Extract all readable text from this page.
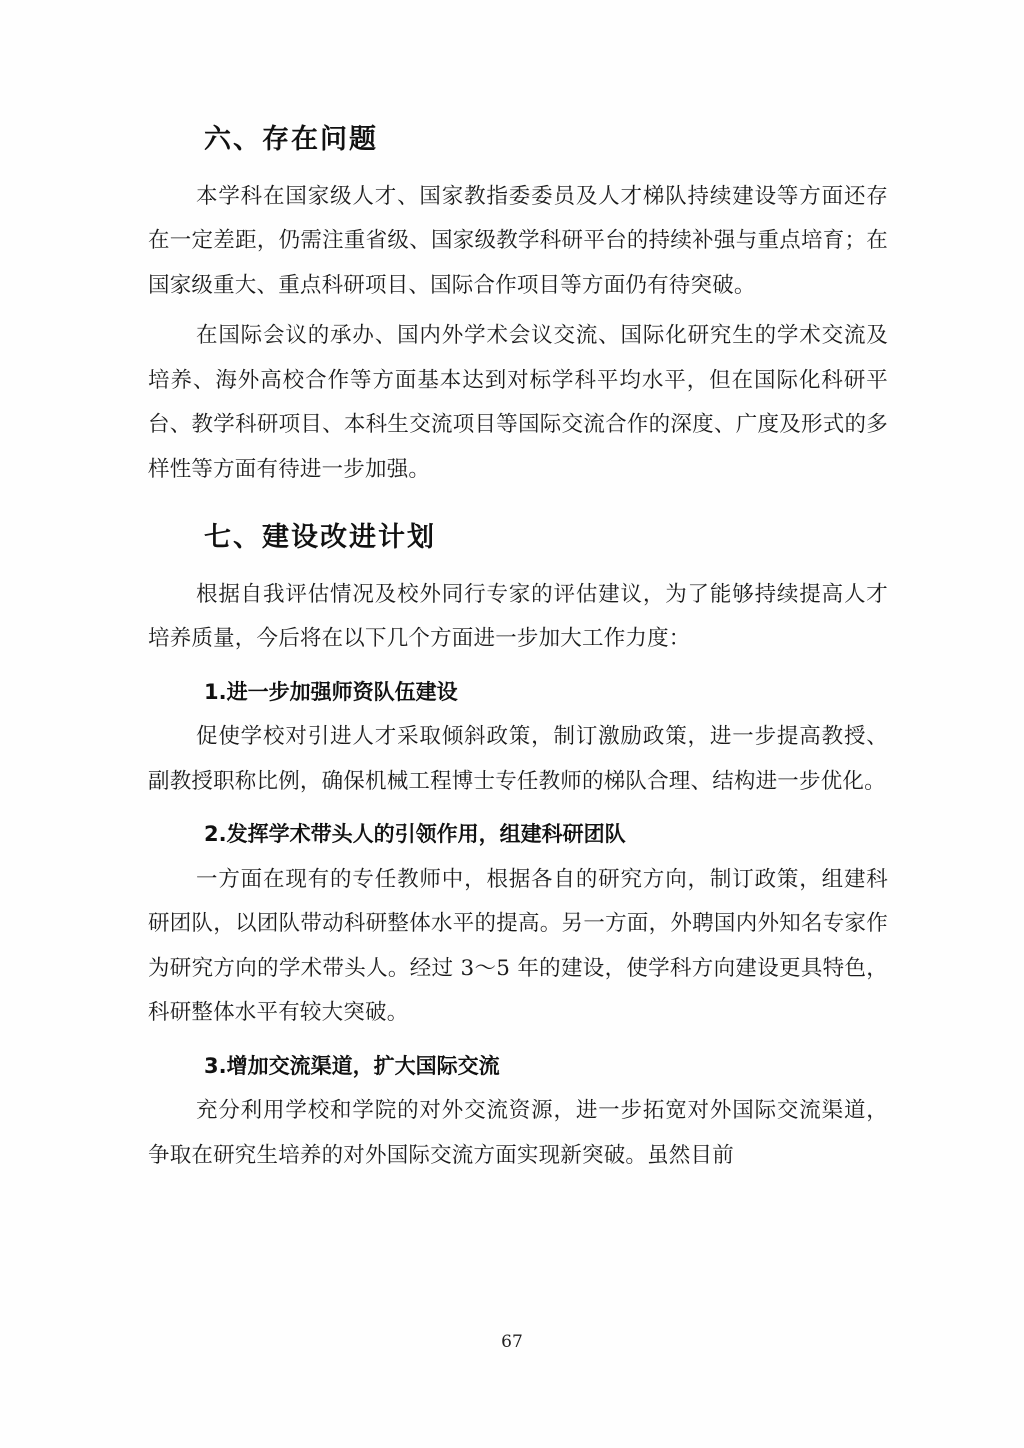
六、存在问题

本学科在国家级人才、国家教指委委员及人才梯队持续建设等方面还存在一定差距，仍需注重省级、国家级教学科研平台的持续补强与重点培育；在国家级重大、重点科研项目、国际合作项目等方面仍有待突破。

在国际会议的承办、国内外学术会议交流、国际化研究生的学术交流及培养、海外高校合作等方面基本达到对标学科平均水平，但在国际化科研平台、教学科研项目、本科生交流项目等国际交流合作的深度、广度及形式的多样性等方面有待进一步加强。

七、建设改进计划

根据自我评估情况及校外同行专家的评估建议，为了能够持续提高人才培养质量，今后将在以下几个方面进一步加大工作力度：

1.进一步加强师资队伍建设

促使学校对引进人才采取倾斜政策，制订激励政策，进一步提高教授、副教授职称比例，确保机械工程博士专任教师的梯队合理、结构进一步优化。

2.发挥学术带头人的引领作用，组建科研团队

一方面在现有的专任教师中，根据各自的研究方向，制订政策，组建科研团队，以团队带动科研整体水平的提高。另一方面，外聘国内外知名专家作为研究方向的学术带头人。经过 3～5 年的建设，使学科方向建设更具特色，科研整体水平有较大突破。

3.增加交流渠道，扩大国际交流

充分利用学校和学院的对外交流资源，进一步拓宽对外国际交流渠道，争取在研究生培养的对外国际交流方面实现新突破。虽然目前

67
